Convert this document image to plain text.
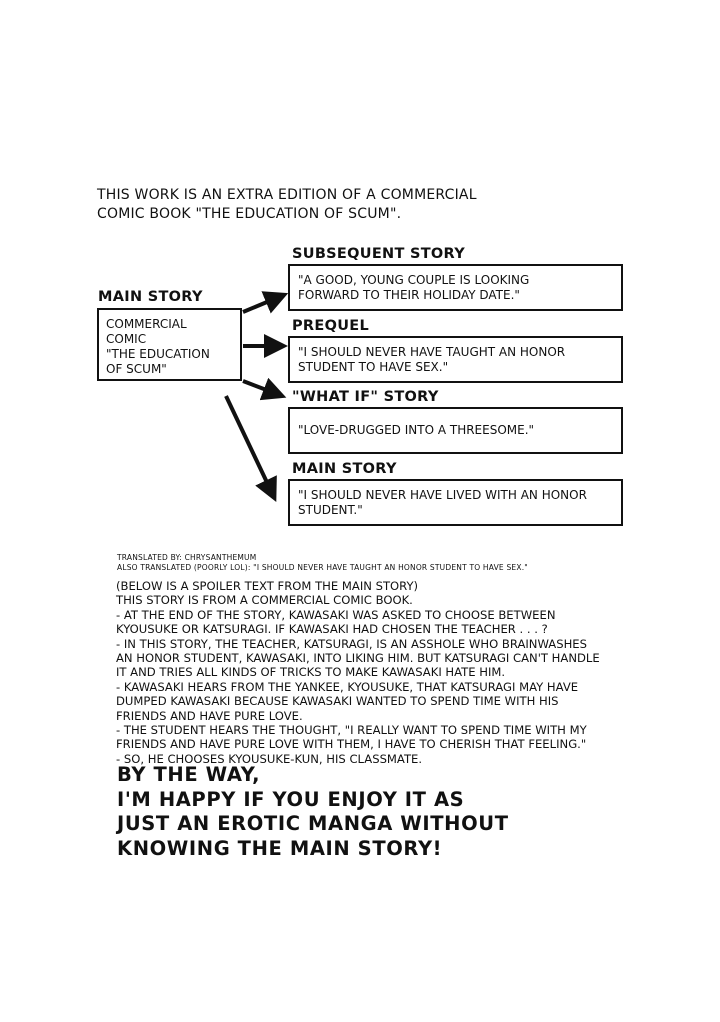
THIS WORK IS AN EXTRA EDITION OF A COMMERCIAL
COMIC BOOK "THE EDUCATION OF SCUM".
MAIN STORY
COMMERCIAL
COMIC
"THE EDUCATION
OF SCUM"
SUBSEQUENT STORY
"A GOOD, YOUNG COUPLE IS LOOKING
FORWARD TO THEIR HOLIDAY DATE."
PREQUEL
"I SHOULD NEVER HAVE TAUGHT AN HONOR
STUDENT TO HAVE SEX."
"WHAT IF" STORY
"LOVE-DRUGGED INTO A THREESOME."
MAIN STORY
"I SHOULD NEVER HAVE LIVED WITH AN HONOR
STUDENT."
TRANSLATED BY: CHRYSANTHEMUM
ALSO TRANSLATED (POORLY LOL): "I SHOULD NEVER HAVE TAUGHT AN HONOR STUDENT TO HAVE SEX."
(BELOW IS A SPOILER TEXT FROM THE MAIN STORY)
THIS STORY IS FROM A COMMERCIAL COMIC BOOK.
- AT THE END OF THE STORY, KAWASAKI WAS ASKED TO CHOOSE BETWEEN
KYOUSUKE OR KATSURAGI. IF KAWASAKI HAD CHOSEN THE TEACHER . . . ?
- IN THIS STORY, THE TEACHER, KATSURAGI, IS AN ASSHOLE WHO BRAINWASHES
AN HONOR STUDENT, KAWASAKI, INTO LIKING HIM. BUT KATSURAGI CAN'T HANDLE
IT AND TRIES ALL KINDS OF TRICKS TO MAKE KAWASAKI HATE HIM.
- KAWASAKI HEARS FROM THE YANKEE, KYOUSUKE, THAT KATSURAGI MAY HAVE
DUMPED KAWASAKI BECAUSE KAWASAKI WANTED TO SPEND TIME WITH HIS
FRIENDS AND HAVE PURE LOVE.
- THE STUDENT HEARS THE THOUGHT, "I REALLY WANT TO SPEND TIME WITH MY
FRIENDS AND HAVE PURE LOVE WITH THEM, I HAVE TO CHERISH THAT FEELING."
- SO, HE CHOOSES KYOUSUKE-KUN, HIS CLASSMATE.
BY THE WAY,
I'M HAPPY IF YOU ENJOY IT AS
JUST AN EROTIC MANGA WITHOUT
KNOWING THE MAIN STORY!
